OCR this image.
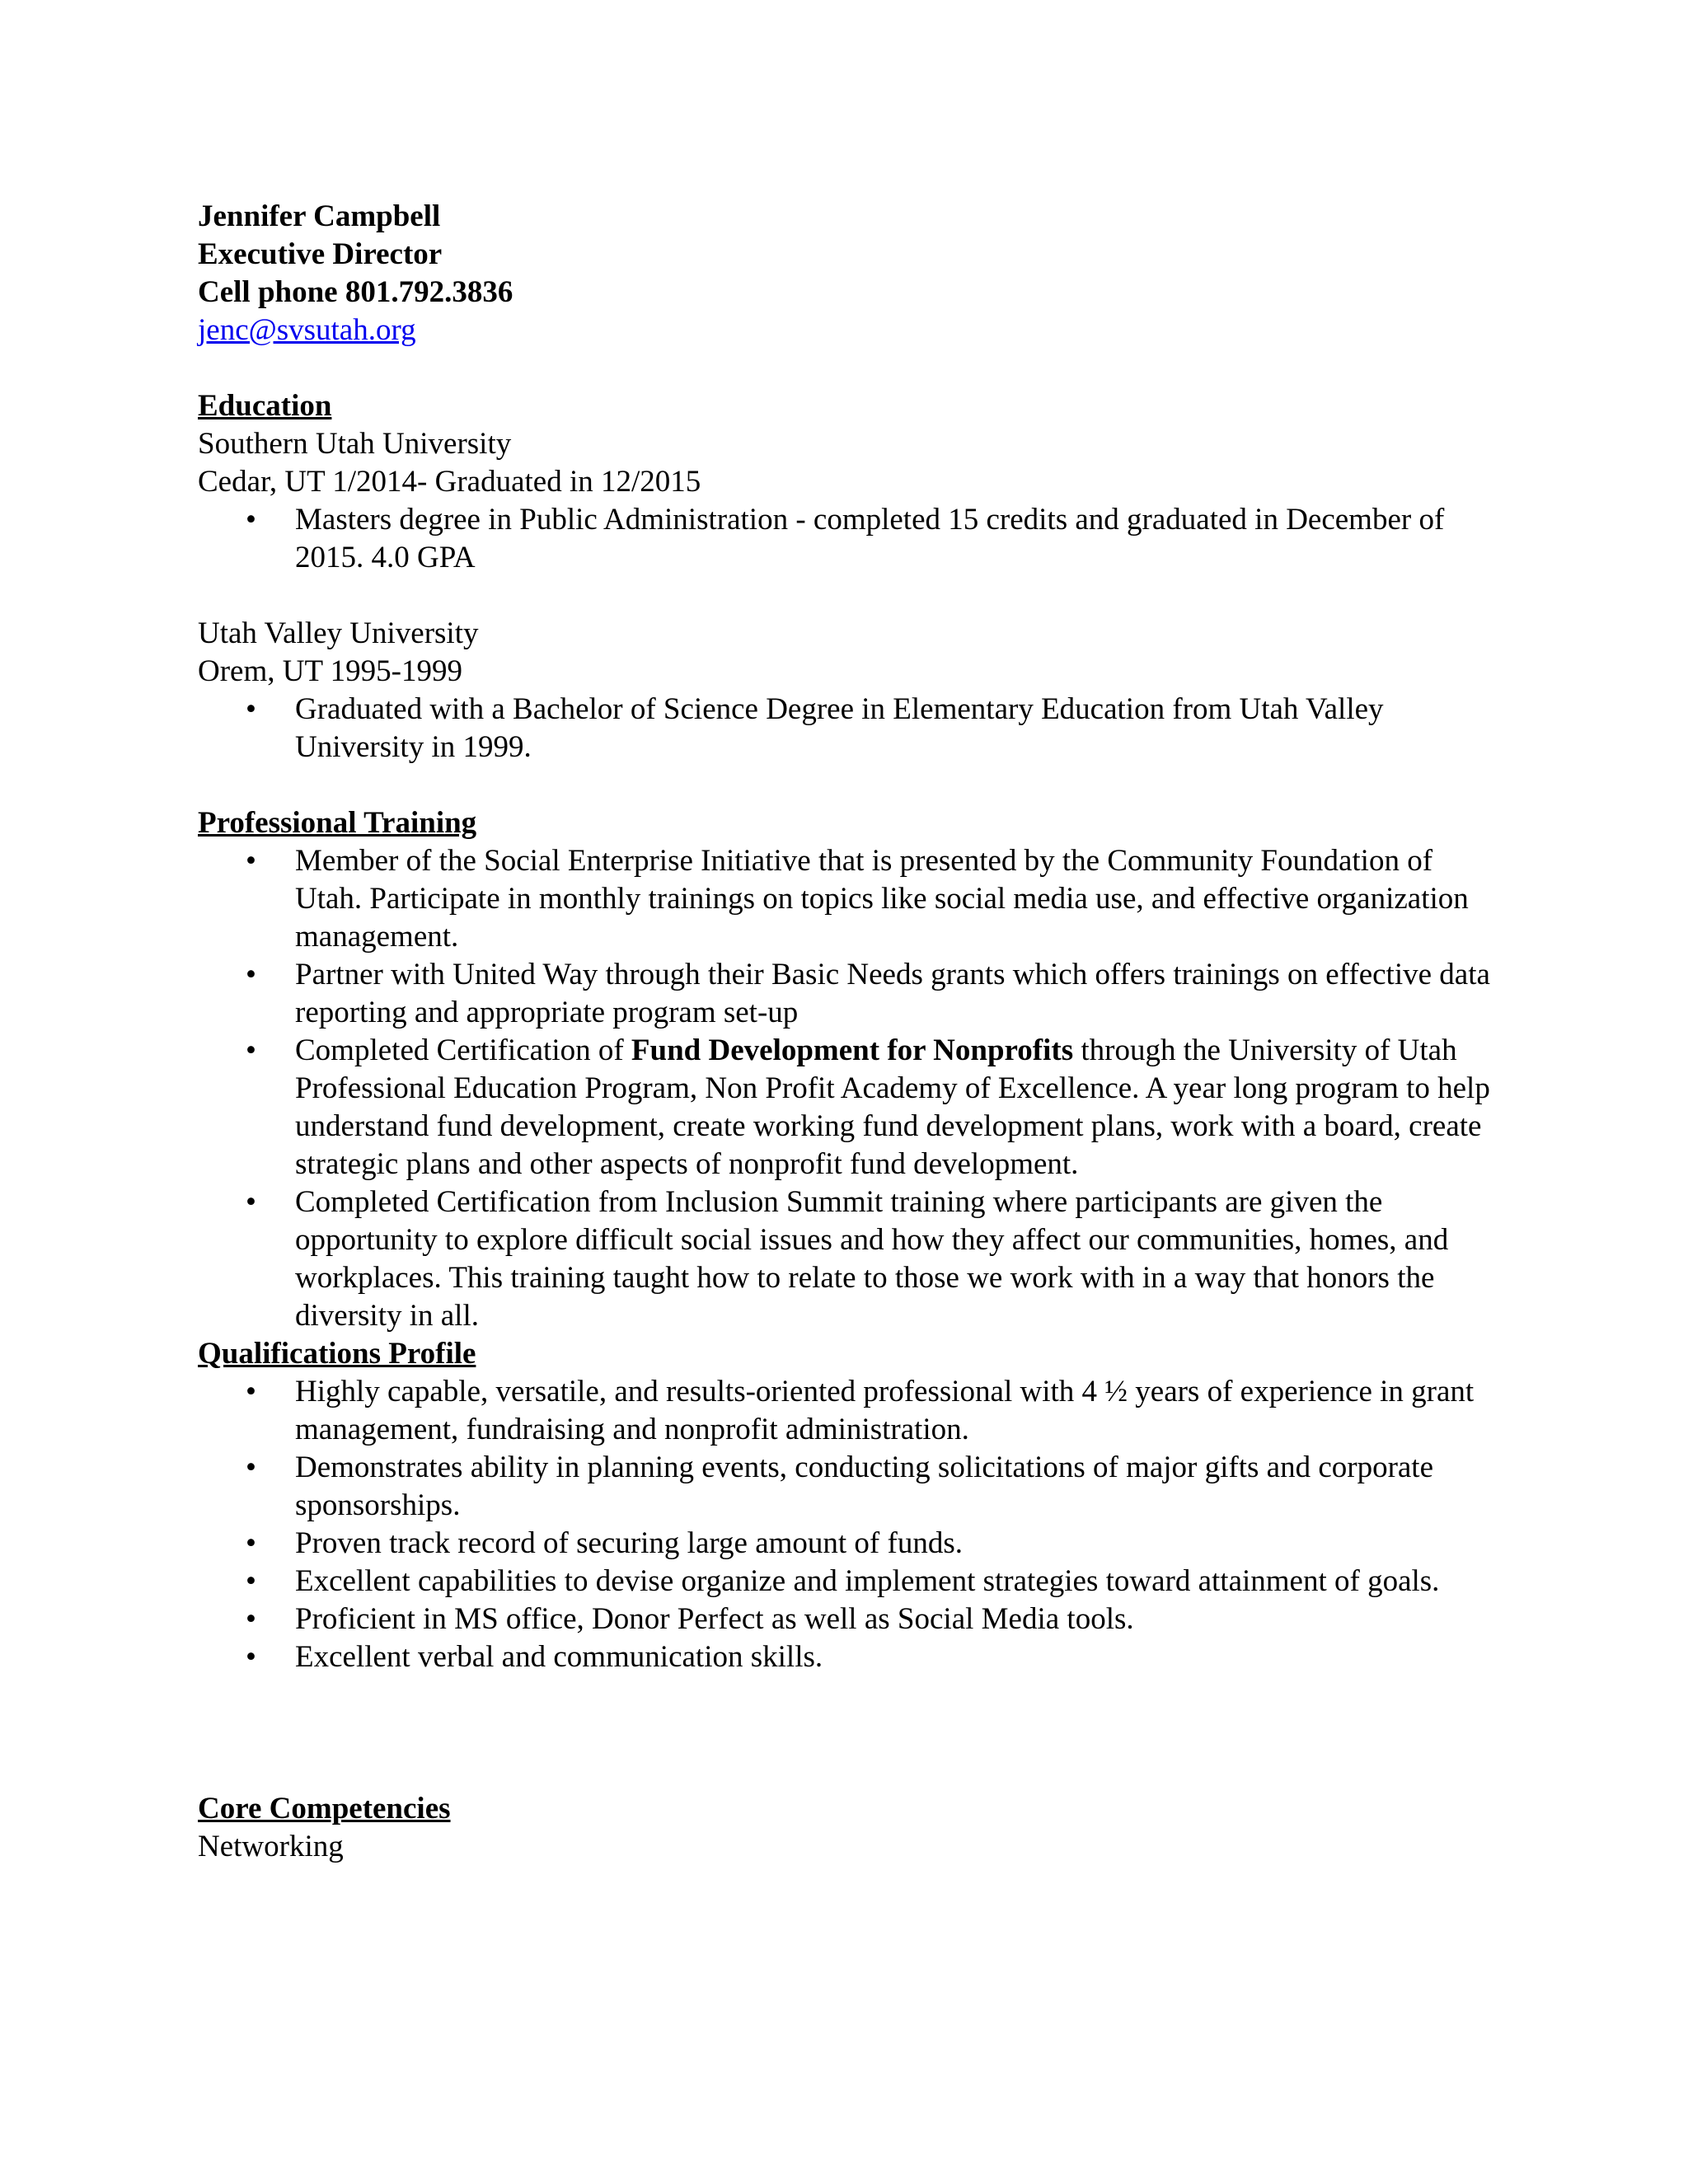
Jennifer Campbell
Executive Director
Cell phone 801.792.3836
jenc@svsutah.org
Education
Southern Utah University
Cedar, UT 1/2014- Graduated in 12/2015
• Masters degree in Public Administration - completed 15 credits and graduated in December of 2015. 4.0 GPA
Utah Valley University
Orem, UT 1995-1999
• Graduated with a Bachelor of Science Degree in Elementary Education from Utah Valley University in 1999.
Professional Training
• Member of the Social Enterprise Initiative that is presented by the Community Foundation of Utah. Participate in monthly trainings on topics like social media use, and effective organization management.
• Partner with United Way through their Basic Needs grants which offers trainings on effective data reporting and appropriate program set-up
• Completed Certification of Fund Development for Nonprofits through the University of Utah Professional Education Program, Non Profit Academy of Excellence. A year long program to help understand fund development, create working fund development plans, work with a board, create strategic plans and other aspects of nonprofit fund development.
• Completed Certification from Inclusion Summit training where participants are given the opportunity to explore difficult social issues and how they affect our communities, homes, and workplaces. This training taught how to relate to those we work with in a way that honors the diversity in all.
Qualifications Profile
• Highly capable, versatile, and results-oriented professional with 4 ½ years of experience in grant management, fundraising and nonprofit administration.
• Demonstrates ability in planning events, conducting solicitations of major gifts and corporate sponsorships.
• Proven track record of securing large amount of funds.
• Excellent capabilities to devise organize and implement strategies toward attainment of goals.
• Proficient in MS office, Donor Perfect as well as Social Media tools.
• Excellent verbal and communication skills.
Core Competencies
Networking
